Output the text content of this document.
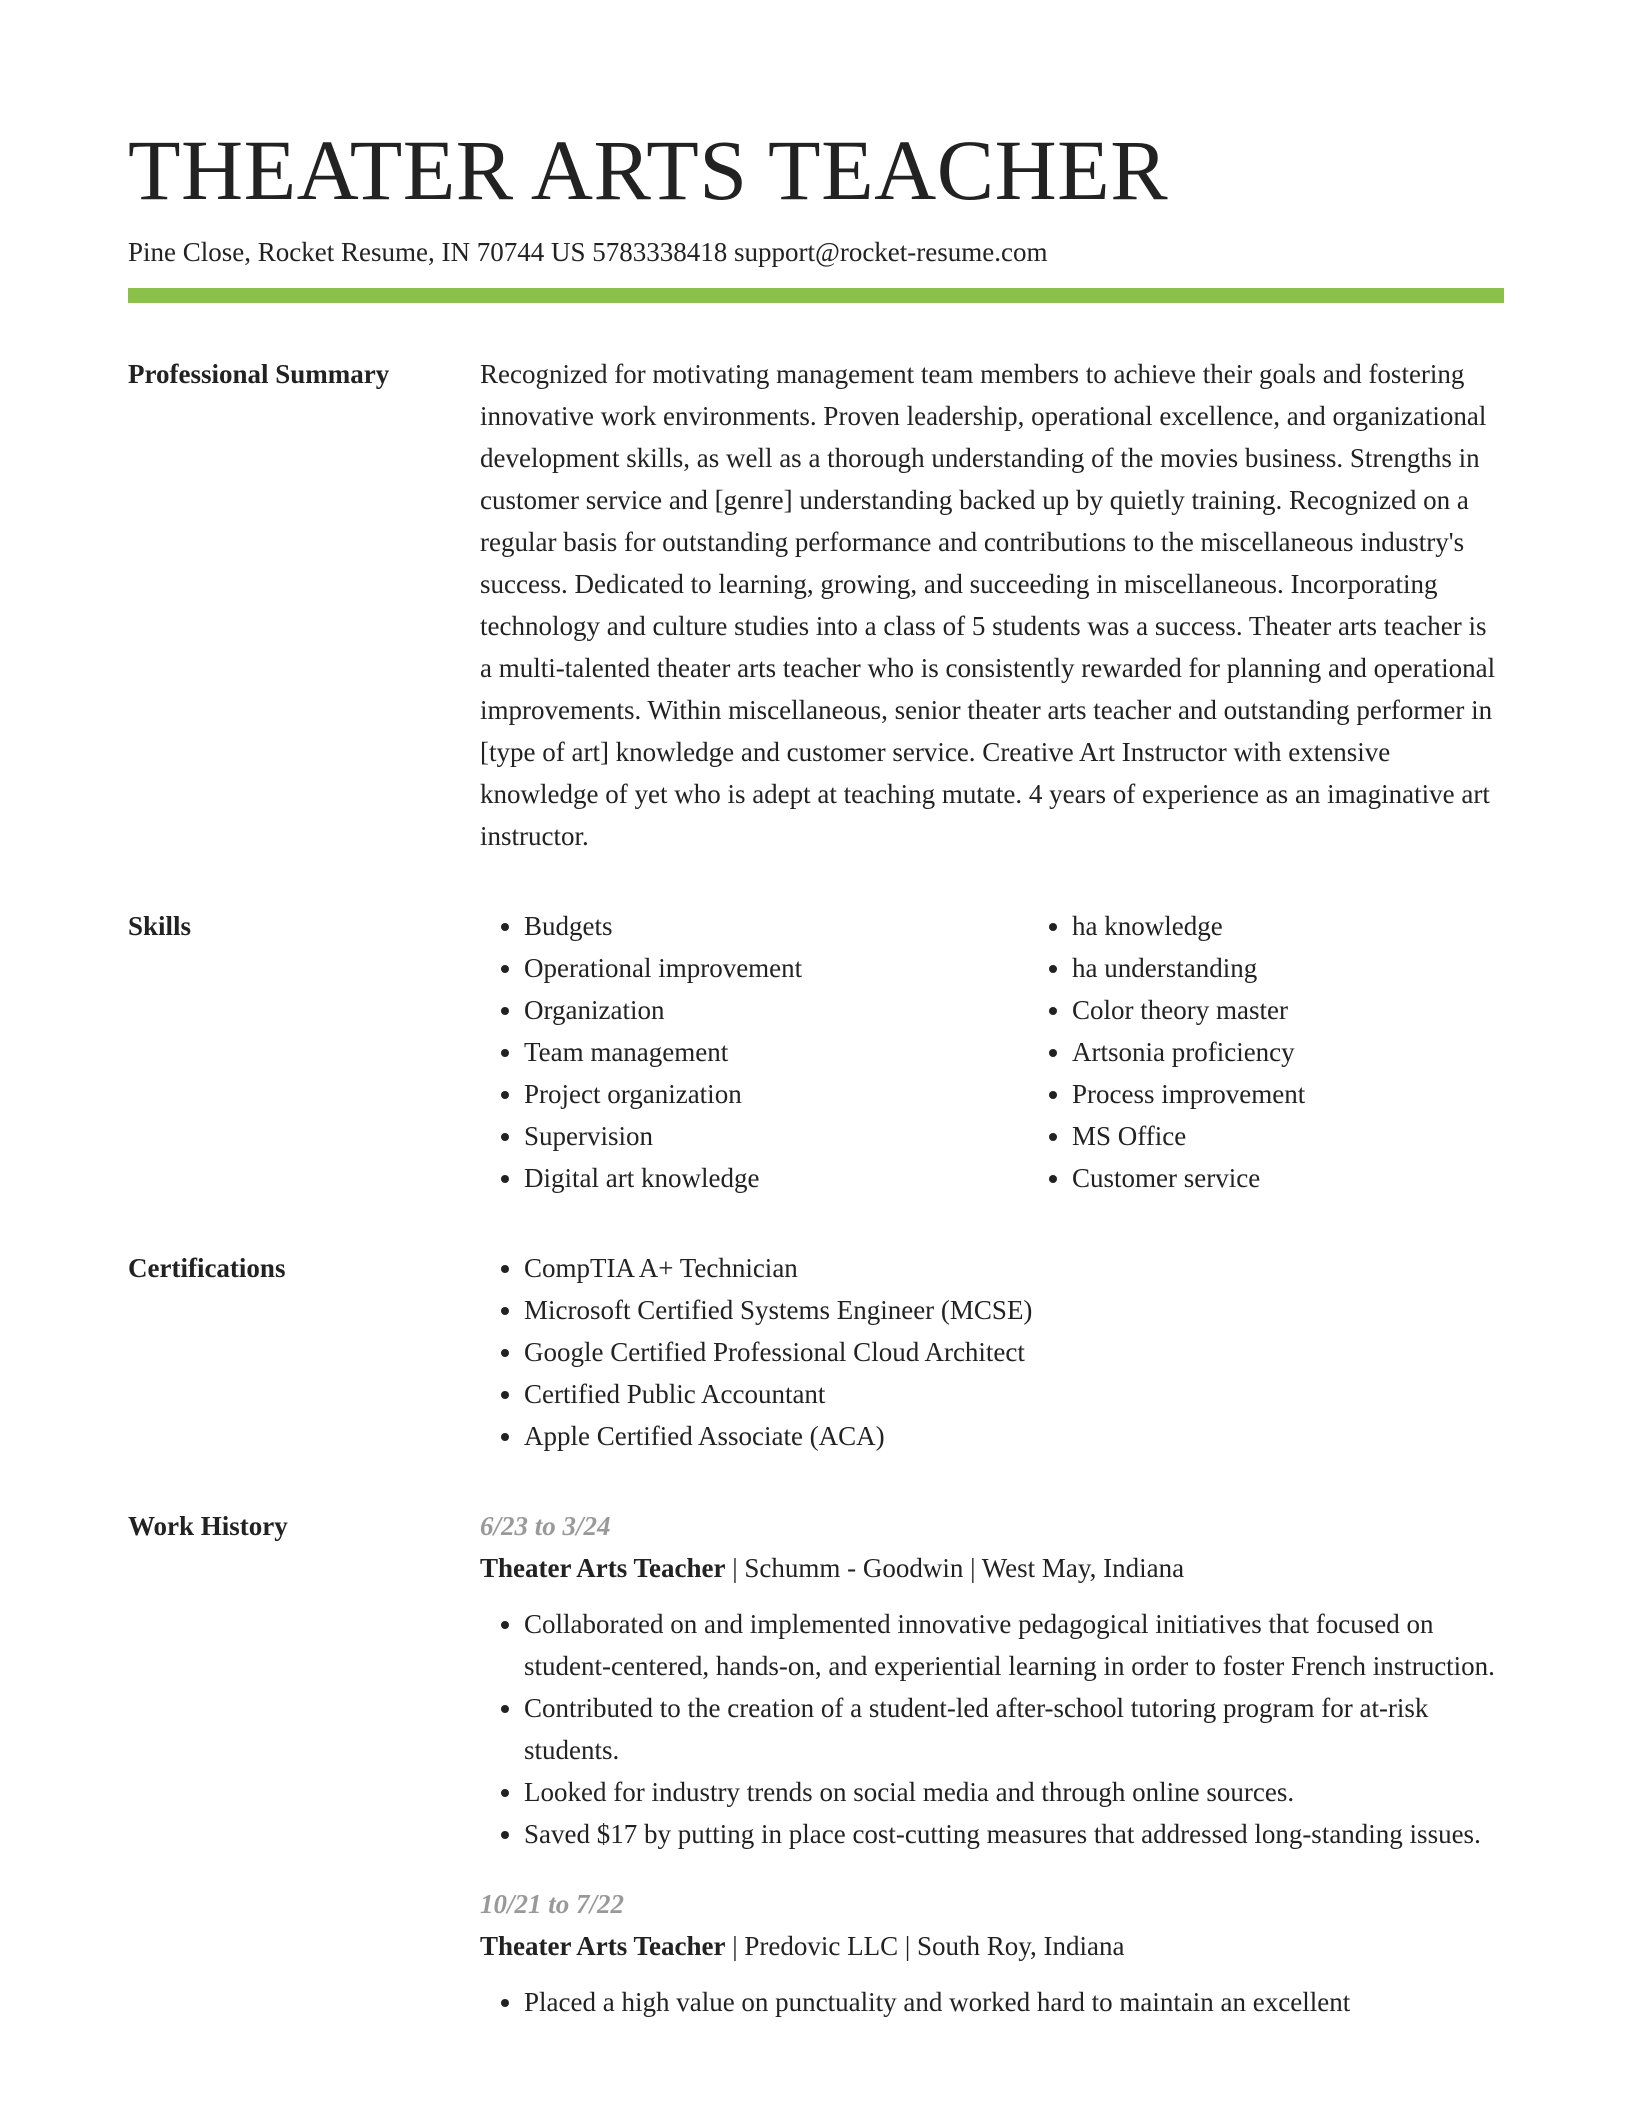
THEATER ARTS TEACHER
Pine Close, Rocket Resume, IN 70744 US 5783338418 support@rocket-resume.com
Professional Summary	Recognized for motivating management team members to achieve their goals and fostering innovative work environments. Proven leadership, operational excellence, and organizational development skills, as well as a thorough understanding of the movies business. Strengths in customer service and [genre] understanding backed up by quietly training. Recognized on a regular basis for outstanding performance and contributions to the miscellaneous industry's success. Dedicated to learning, growing, and succeeding in miscellaneous. Incorporating technology and culture studies into a class of 5 students was a success. Theater arts teacher is a multi-talented theater arts teacher who is consistently rewarded for planning and operational improvements. Within miscellaneous, senior theater arts teacher and outstanding performer in [type of art] knowledge and customer service. Creative Art Instructor with extensive knowledge of yet who is adept at teaching mutate. 4 years of experience as an imaginative art instructor.

Skills	• Budgets
• Operational improvement
• Organization
• Team management
• Project organization
• Supervision
• Digital art knowledge
• ha knowledge
• ha understanding
• Color theory master
• Artsonia proficiency
• Process improvement
• MS Office
• Customer service
Certifications	• CompTIA A+ Technician
• Microsoft Certified Systems Engineer (MCSE)
• Google Certified Professional Cloud Architect
• Certified Public Accountant
• Apple Certified Associate (ACA)
Work History	6/23 to 3/24
Theater Arts Teacher | Schumm - Goodwin | West May, Indiana
• Collaborated on and implemented innovative pedagogical initiatives that focused on student-centered, hands-on, and experiential learning in order to foster French instruction.
• Contributed to the creation of a student-led after-school tutoring program for at-risk students.
• Looked for industry trends on social media and through online sources.
• Saved $17 by putting in place cost-cutting measures that addressed long-standing issues.
10/21 to 7/22
Theater Arts Teacher | Predovic LLC | South Roy, Indiana
• Placed a high value on punctuality and worked hard to maintain an excellent
